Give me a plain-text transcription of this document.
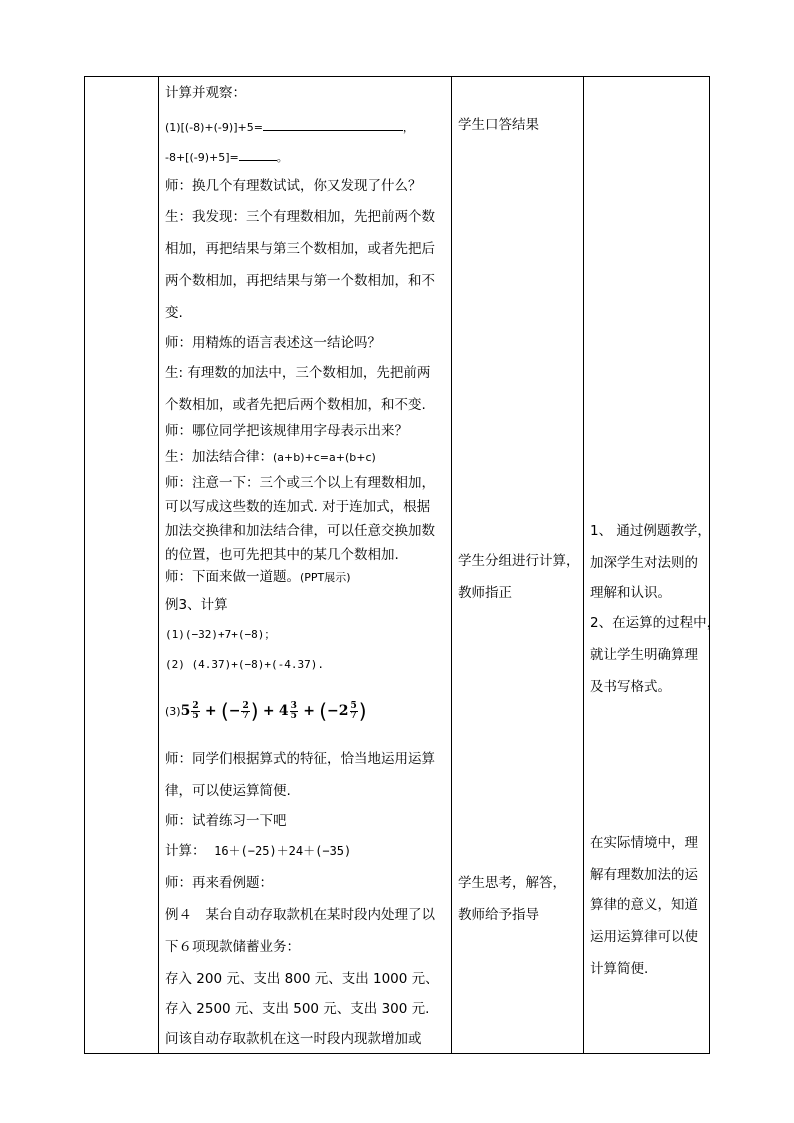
计算并观察：
(1)[(-8)+(-9)]+5=	，
-8+[(-9)+5]=	。
师：换几个有理数试试，你又发现了什么？
生：我发现：三个有理数相加，先把前两个数
相加，再把结果与第三个数相加，或者先把后
两个数相加，再把结果与第一个数相加，和不
变.
师：用精炼的语言表述这一结论吗？
生: 有理数的加法中，三个数相加，先把前两
个数相加，或者先把后两个数相加，和不变.
师：哪位同学把该规律用字母表示出来？
生：加法结合律：(a+b)+c=a+(b+c)
师：注意一下：三个或三个以上有理数相加，
可以写成这些数的连加式. 对于连加式，根据
加法交换律和加法结合律，可以任意交换加数
的位置，也可先把其中的某几个数相加.
师：下面来做一道题。(PPT展示)
例3、计算
(1)(−32)+7+(−8)；
(2) (4.37)+(−8)+(-4.37).
$(3)5 \frac{2}{5}$ + (− $\frac{2}{7}$ ) + $4 \frac{3}{5} + (-2 \frac{5}{7}$ )
师：同学们根据算式的特征，恰当地运用运算
律，可以使运算简便.
师：试着练习一下吧
计算： 16＋(−25)＋24＋(−35)
师：再来看例题：
例４　某台自动存取款机在某时段内处理了以
下６项现款储蓄业务：
存入 200 元、支出 800 元、支出 1000 元、
存入 2500 元、支出 500 元、支出 300 元.
问该自动存取款机在这一时段内现款增加或
学生口答结果
学生分组进行计算，
教师指正
学生思考，解答，
教师给予指导
1、 通过例题教学，
加深学生对法则的
理解和认识。
2、在运算的过程中，
就让学生明确算理
及书写格式。
在实际情境中，理
解有理数加法的运
算律的意义，知道
运用运算律可以使
计算简便.
